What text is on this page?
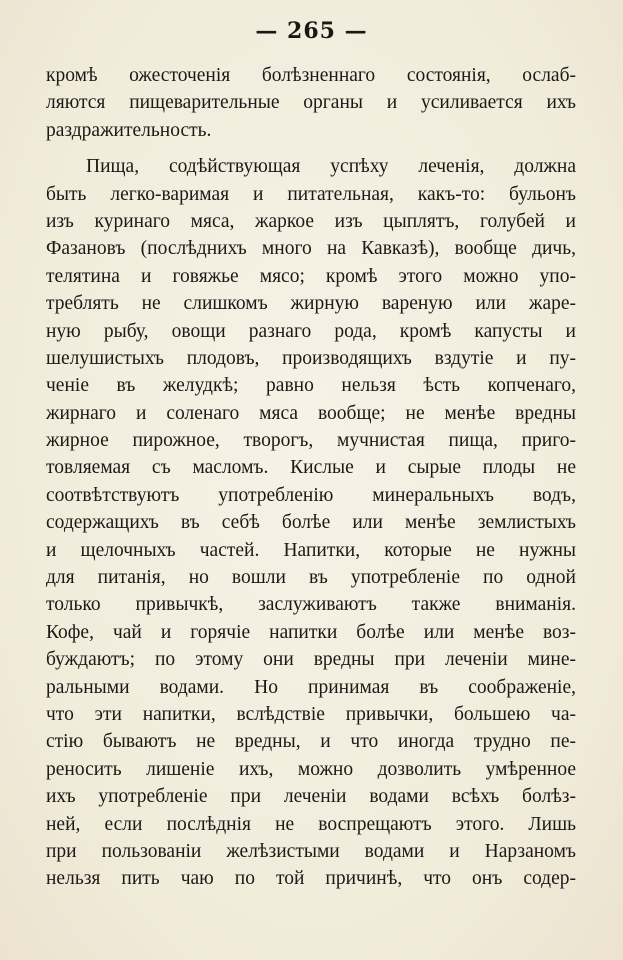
— 265 —
кромѣ ожесточенія болѣзненнаго состоянія, ослаб-
ляются пищеварительные органы и усиливается ихъ
раздражительность.
Пища, содѣйствующая успѣху леченія, должна
быть легко-варимая и питательная, какъ-то: бульонъ
изъ куринаго мяса, жаркое изъ цыплятъ, голубей и
Фазановъ (послѣднихъ много на Кавказѣ), вообще дичь,
телятина и говяжье мясо; кромѣ этого можно упо-
треблять не слишкомъ жирную вареную или жаре-
ную рыбу, овощи разнаго рода, кромѣ капусты и
шелушистыхъ плодовъ, производящихъ вздутіе и пу-
ченіе въ желудкѣ; равно нельзя ѣсть копченаго,
жирнаго и соленаго мяса вообще; не менѣе вредны
жирное пирожное, творогъ, мучнистая пища, приго-
товляемая съ масломъ. Кислые и сырые плоды не
соотвѣтствуютъ употребленію минеральныхъ водъ,
содержащихъ въ себѣ болѣе или менѣе землистыхъ
и щелочныхъ частей. Напитки, которые не нужны
для питанія, но вошли въ употребленіе по одной
только привычкѣ, заслуживаютъ также вниманія.
Кофе, чай и горячіе напитки болѣе или менѣе воз-
буждаютъ; по этому они вредны при леченіи мине-
ральными водами. Но принимая въ соображеніе,
что эти напитки, вслѣдствіе привычки, большею ча-
стію бываютъ не вредны, и что иногда трудно пе-
реносить лишеніе ихъ, можно дозволить умѣренное
ихъ употребленіе при леченіи водами всѣхъ болѣз-
ней, если послѣднія не воспрещаютъ этого. Лишь
при пользованіи желѣзистыми водами и Нарзаномъ
нельзя пить чаю по той причинѣ, что онъ содер-
